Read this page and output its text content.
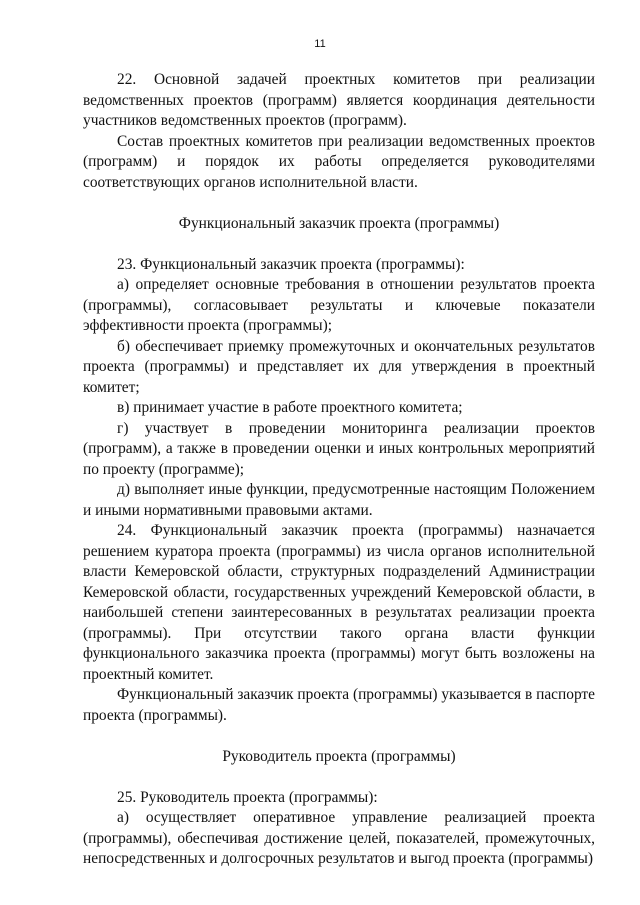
11

22. Основной задачей проектных комитетов при реализации ведомственных проектов (программ) является координация деятельности участников ведомственных проектов (программ).

Состав проектных комитетов при реализации ведомственных проектов (программ) и порядок их работы определяется руководителями соответствующих органов исполнительной власти.

Функциональный заказчик проекта (программы)

23. Функциональный заказчик проекта (программы):

а) определяет основные требования в отношении результатов проекта (программы), согласовывает результаты и ключевые показатели эффективности проекта (программы);

б) обеспечивает приемку промежуточных и окончательных результатов проекта (программы) и представляет их для утверждения в проектный комитет;

в) принимает участие в работе проектного комитета;

г) участвует в проведении мониторинга реализации проектов (программ), а также в проведении оценки и иных контрольных мероприятий по проекту (программе);

д) выполняет иные функции, предусмотренные настоящим Положением и иными нормативными правовыми актами.

24. Функциональный заказчик проекта (программы) назначается решением куратора проекта (программы) из числа органов исполнительной власти Кемеровской области, структурных подразделений Администрации Кемеровской области, государственных учреждений Кемеровской области, в наибольшей степени заинтересованных в результатах реализации проекта (программы). При отсутствии такого органа власти функции функционального заказчика проекта (программы) могут быть возложены на проектный комитет.

Функциональный заказчик проекта (программы) указывается в паспорте проекта (программы).

Руководитель проекта (программы)

25. Руководитель проекта (программы):

а) осуществляет оперативное управление реализацией проекта (программы), обеспечивая достижение целей, показателей, промежуточных, непосредственных и долгосрочных результатов и выгод проекта (программы)
